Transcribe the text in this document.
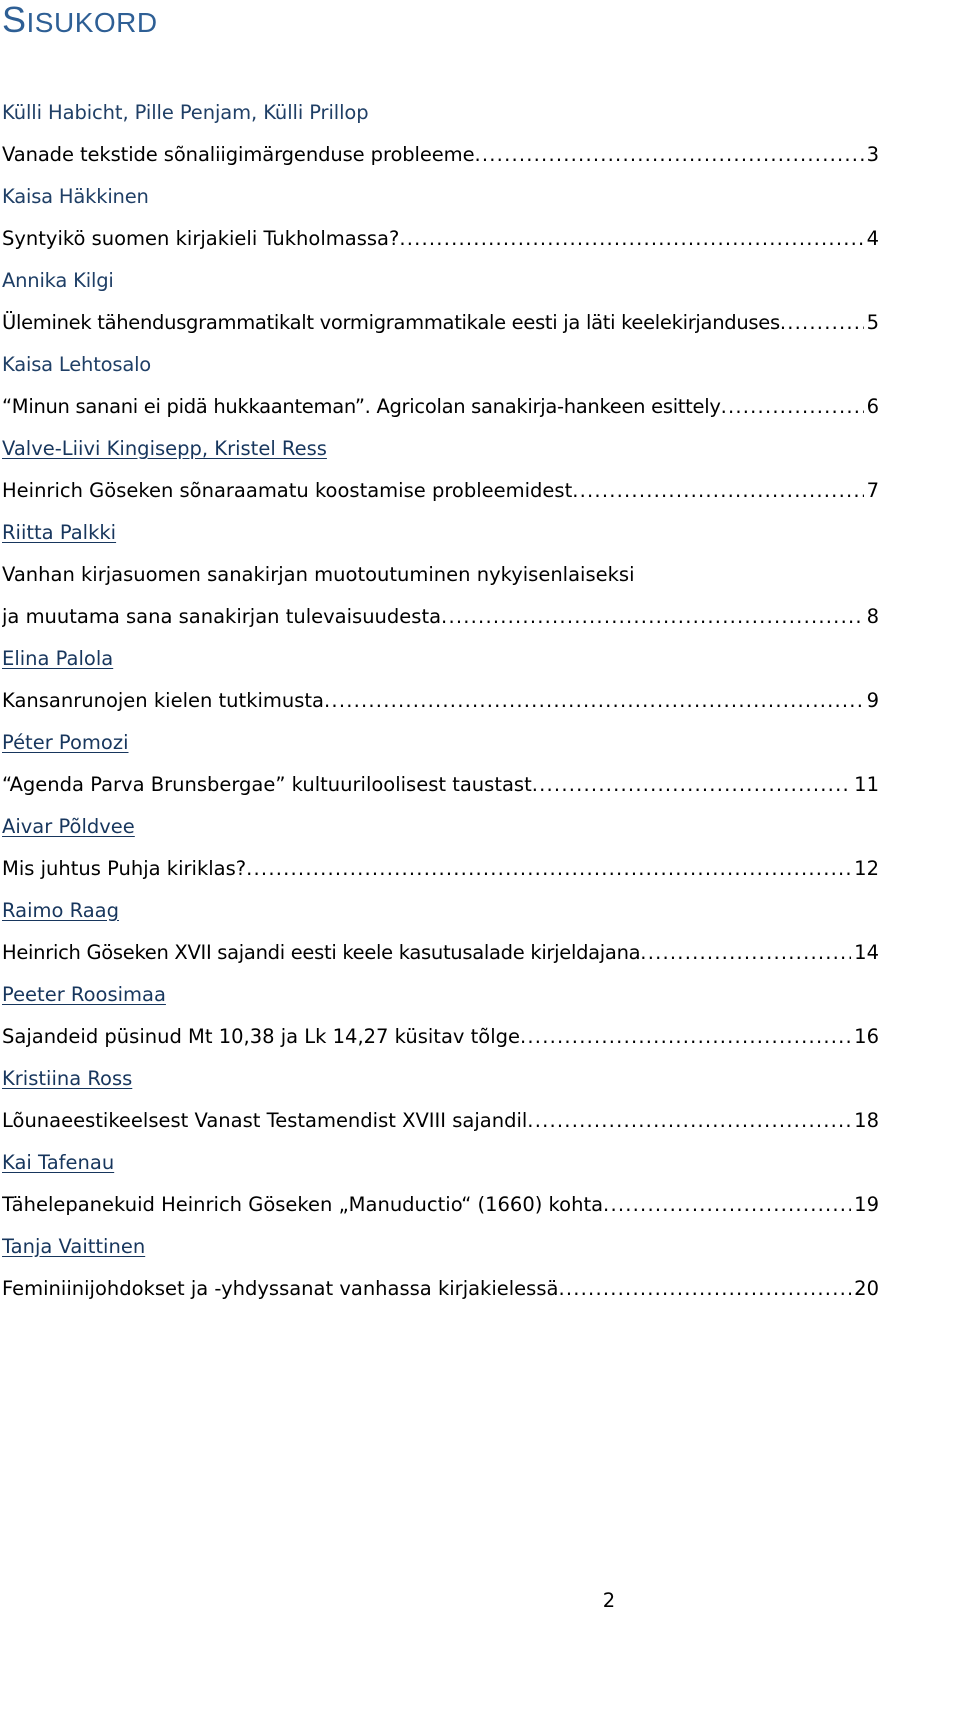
SISUKORD
Külli Habicht, Pille Penjam, Külli Prillop
Vanade tekstide sõnaliigimärgenduse probleeme .....	3
Kaisa Häkkinen
Syntyikö suomen kirjakieli Tukholmassa? .....	4
Annika Kilgi
Üleminek tähendusgrammatikalt vormigrammatikale eesti ja läti keelekirjanduses .....	5
Kaisa Lehtosalo
“Minun sanani ei pidä hukkaanteman”. Agricolan sanakirja-hankeen esittely .....	6
Valve-Liivi Kingisepp, Kristel Ress
Heinrich Göseken sõnaraamatu koostamise probleemidest .....	7
Riitta Palkki
Vanhan kirjasuomen sanakirjan muotoutuminen nykyisenlaiseksi
ja muutama sana sanakirjan tulevaisuudesta .....	8
Elina Palola
Kansanrunojen kielen tutkimusta .....	9
Péter Pomozi
“Agenda Parva Brunsbergae” kultuuriloolisest taustast .....	11
Aivar Põldvee
Mis juhtus Puhja kiriklas? .....	12
Raimo Raag
Heinrich Göseken XVII sajandi eesti keele kasutusalade kirjeldajana .....	14
Peeter Roosimaa
Sajandeid püsinud Mt 10,38 ja Lk 14,27 küsitav tõlge .....	16
Kristiina Ross
Lõunaeestikeelsest Vanast Testamendist XVIII sajandil .....	18
Kai Tafenau
Tähelepanekuid Heinrich Göseken „Manuductio“ (1660) kohta .....	19
Tanja Vaittinen
Feminiinijohdokset ja -yhdyssanat vanhassa kirjakielessä .....	20
2
